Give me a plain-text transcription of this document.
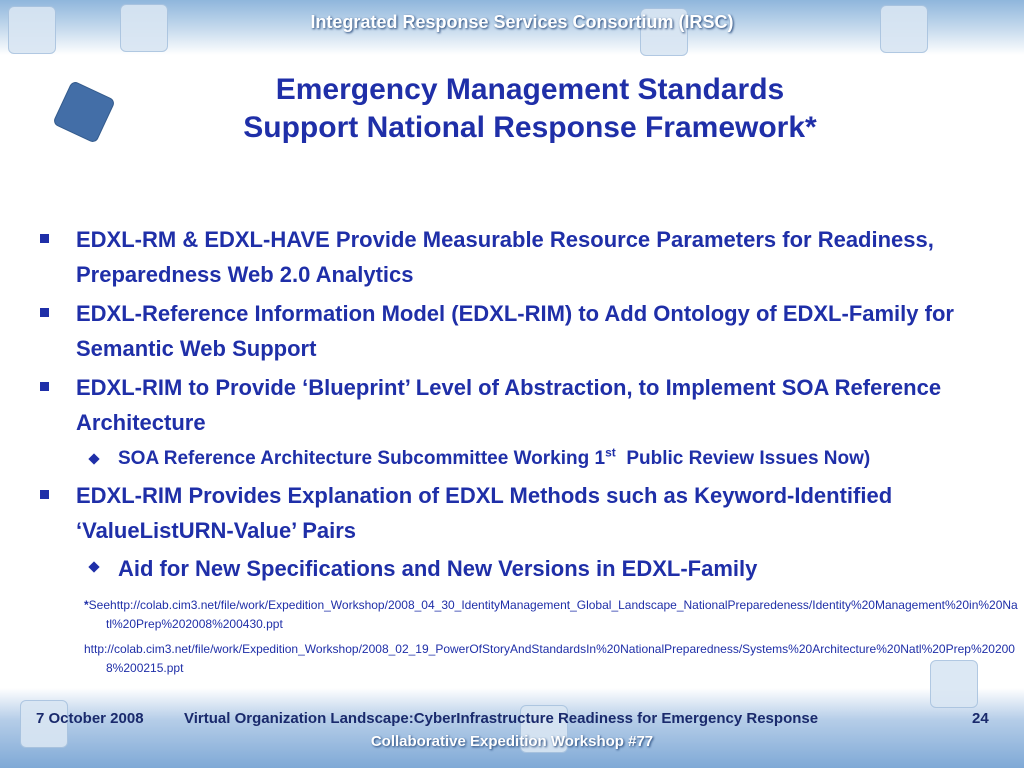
Integrated Response Services Consortium (IRSC)
Emergency Management Standards
Support National Response Framework*
EDXL-RM & EDXL-HAVE Provide Measurable Resource Parameters for Readiness, Preparedness Web 2.0 Analytics
EDXL-Reference Information Model (EDXL-RIM) to Add Ontology of EDXL-Family for Semantic Web Support
EDXL-RIM to Provide ‘Blueprint’ Level of Abstraction, to Implement SOA Reference Architecture
SOA Reference Architecture Subcommittee Working 1st  Public Review Issues Now)
EDXL-RIM Provides Explanation of EDXL Methods such as Keyword-Identified ‘ValueListURN-Value’ Pairs
Aid for New Specifications and New Versions in EDXL-Family
*Seehttp://colab.cim3.net/file/work/Expedition_Workshop/2008_04_30_IdentityManagement_Global_Landscape_NationalPreparedeness/Identity%20Management%20in%20Natl%20Prep%202008%200430.ppt
http://colab.cim3.net/file/work/Expedition_Workshop/2008_02_19_PowerOfStoryAndStandardsIn%20NationalPreparedness/Systems%20Architecture%20Natl%20Prep%202008%200215.ppt
7 October 2008	Virtual Organization Landscape:CyberInfrastructure Readiness for Emergency Response	24
Collaborative Expedition Workshop #77
